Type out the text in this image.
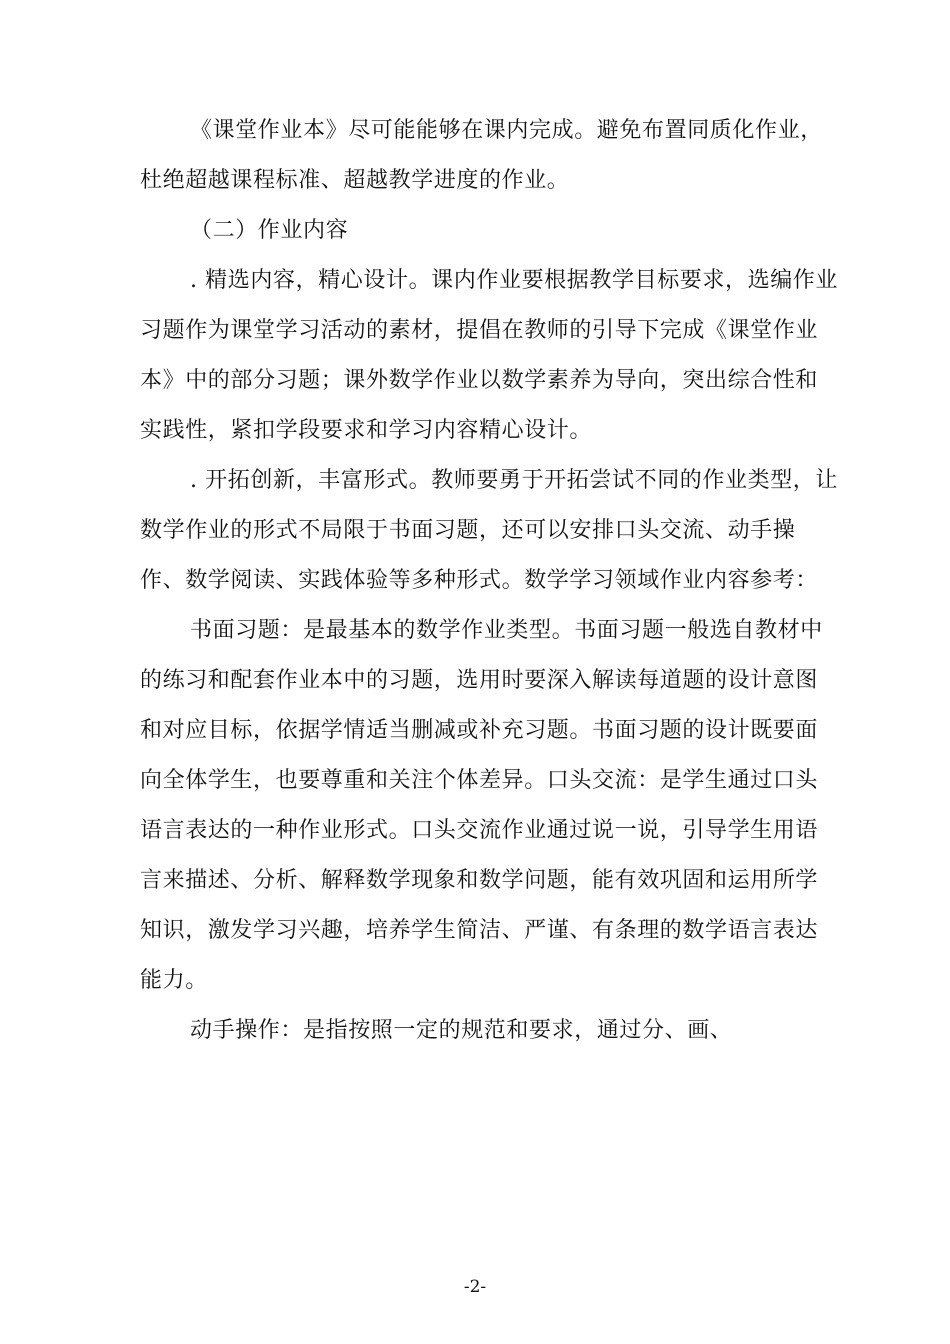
《课堂作业本》尽可能能够在课内完成。避免布置同质化作业，
杜绝超越课程标准、超越教学进度的作业。
（二）作业内容
. 精选内容，精心设计。课内作业要根据教学目标要求，选编作业
习题作为课堂学习活动的素材，提倡在教师的引导下完成《课堂作业
本》中的部分习题；课外数学作业以数学素养为导向，突出综合性和
实践性，紧扣学段要求和学习内容精心设计。
. 开拓创新，丰富形式。教师要勇于开拓尝试不同的作业类型，让
数学作业的形式不局限于书面习题，还可以安排口头交流、动手操
作、数学阅读、实践体验等多种形式。数学学习领域作业内容参考：
书面习题：是最基本的数学作业类型。书面习题一般选自教材中
的练习和配套作业本中的习题，选用时要深入解读每道题的设计意图
和对应目标，依据学情适当删减或补充习题。书面习题的设计既要面
向全体学生，也要尊重和关注个体差异。口头交流：是学生通过口头
语言表达的一种作业形式。口头交流作业通过说一说，引导学生用语
言来描述、分析、解释数学现象和数学问题，能有效巩固和运用所学
知识，激发学习兴趣，培养学生简洁、严谨、有条理的数学语言表达
能力。
动手操作：是指按照一定的规范和要求，通过分、画、
-2-
